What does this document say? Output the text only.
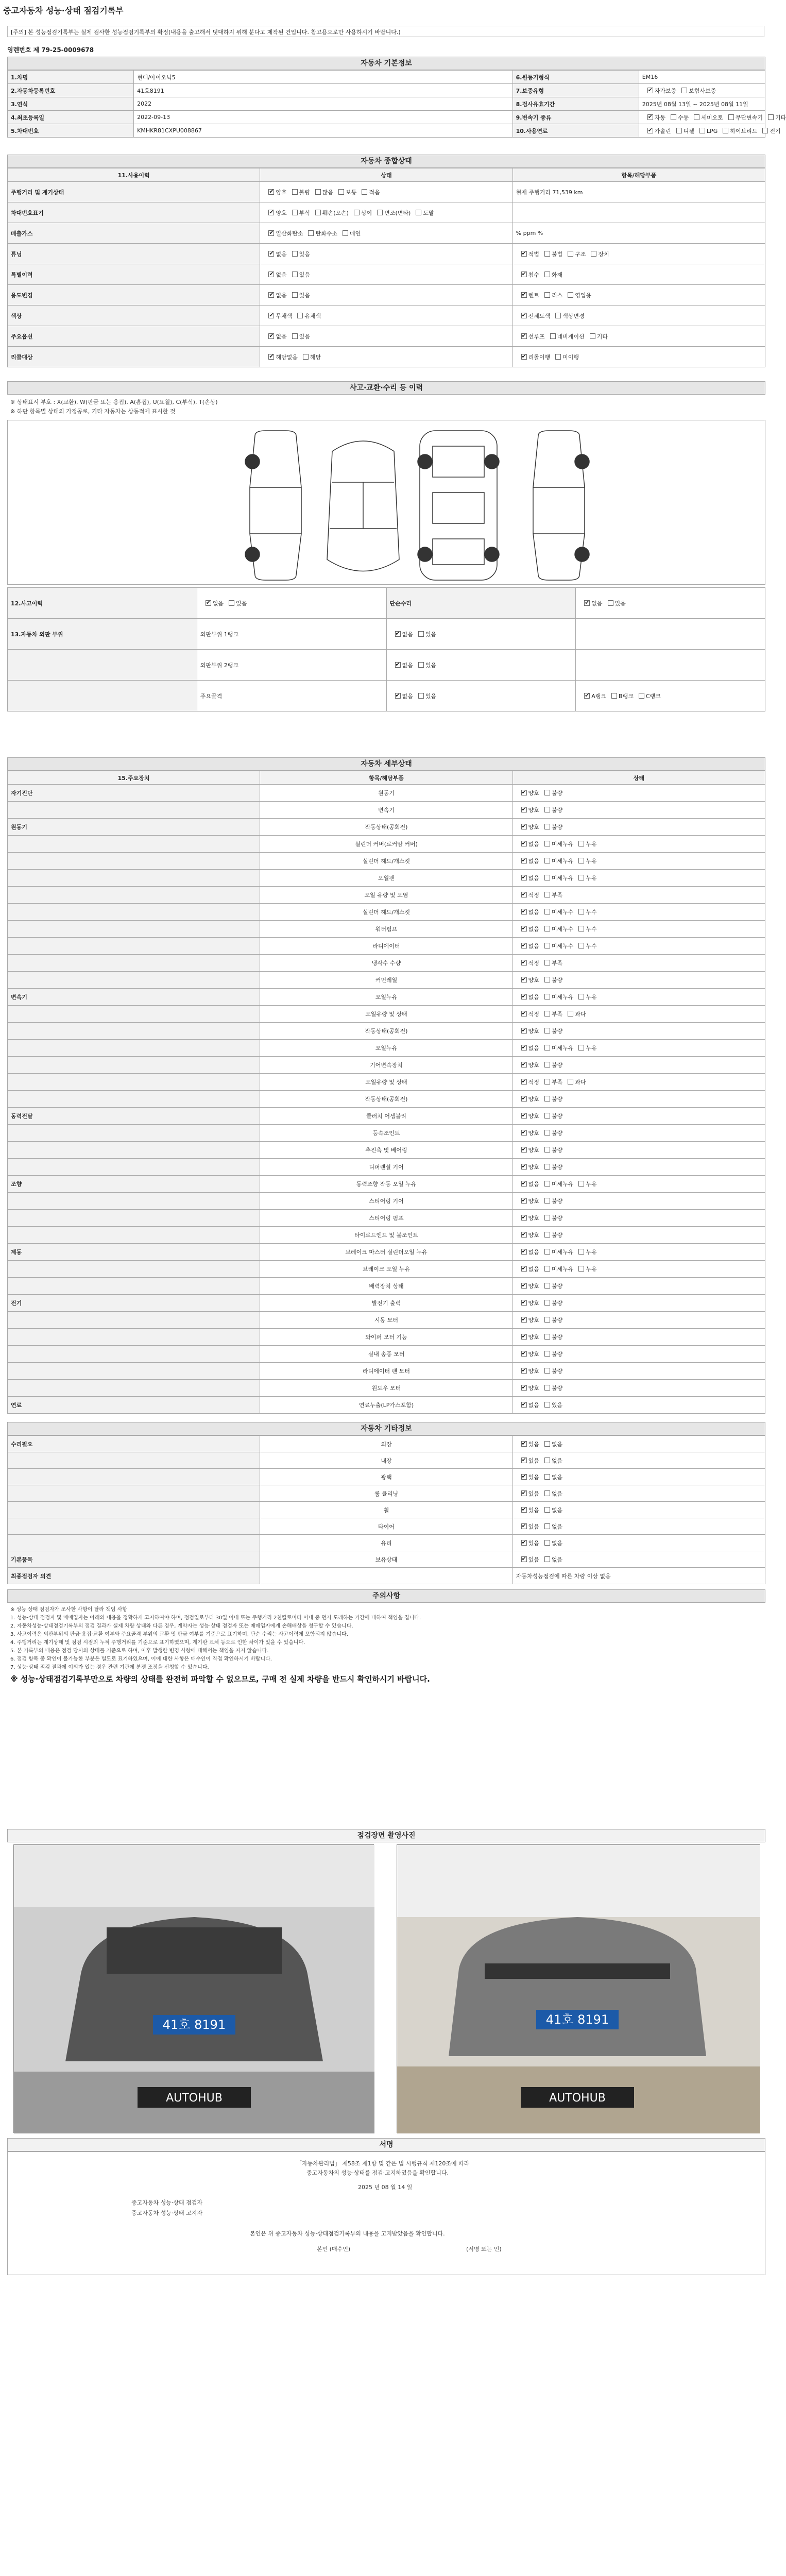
중고자동차 성능·상태 점검기록부
[주의] 본 성능점검기록부는 실제 검사한 성능점검기록부의 확정(내용을 출고해서 덧대하지 위해 분다고 제작된 건입니다. 참고용으로만 사용하시기 바랍니다.)
영렌번호 제 79-25-0009678
자동차 기본정보
1.차명	현대/아이오닉5	6.원동기형식	EM16
2.자동차등록번호	41호8191	7.보증유형	✔자가보증 보험사보증
3.연식	2022	8.검사유효기간	2025년 08월 13일 ~ 2025년 08월 11일
4.최초등록일	2022-09-13	9.변속기 종류	✔자동 수동 세미오토 무단변속기 기타
5.차대번호	KMHKR81CXPU008867	10.사용연료	✔가솔린 디젤 LPG 하이브리드 전기
자동차 종합상태
11.사용이력	상태	항목/해당부품
주행거리 및 계기상태	✔양호 불량 많음 보통 적음	현재 주행거리 71,539 km
차대번호표기	✔양호 부식 훼손(오손) 상이 변조(변타) 도말	
배출가스	✔일산화탄소 탄화수소 매연	% ppm %
튜닝	✔없음 있음	✔적법 불법 구조 장치
특별이력	✔없음 있음	✔침수 화재
용도변경	✔없음 있음	✔렌트 리스 영업용
색상	✔무채색 유채색	✔전체도색 색상변경
주요옵션	✔없음 있음	✔선루프 네비게이션 기타
리콜대상	✔해당없음 해당	✔리콜이행 미이행
사고·교환·수리 등 이력
※ 상태표시 부호 : X(교환), W(판금 또는 용접), A(흠집), U(요철), C(부식), T(손상)
※ 하단 항목별 상태의 가정공로, 기타 자동차는 상동적에 표시한 것
12.사고이력	✔없음 있음	단순수리	✔없음 있음
13.자동차 외판 부위	외판부위 1랭크	✔없음 있음	
	외판부위 2랭크	✔없음 있음	
	주요골격	✔없음 있음	✔A랭크 B랭크 C랭크
자동차 세부상태
15.주요장치	항목/해당부품	상태
자기진단	원동기	✔양호 불량
	변속기	✔양호 불량
원동기	작동상태(공회전)	✔양호 불량
	실린더 커버(로커암 커버)	✔없음 미세누유 누유
	실린더 헤드/개스킷	✔없음 미세누유 누유
	오일팬	✔없음 미세누유 누유
	오일 유량 및 오염	✔적정 부족
	실린더 헤드/개스킷	✔없음 미세누수 누수
	워터펌프	✔없음 미세누수 누수
	라디에이터	✔없음 미세누수 누수
	냉각수 수량	✔적정 부족
	커먼레일	✔양호 불량
변속기	오일누유	✔없음 미세누유 누유
	오일유량 및 상태	✔적정 부족 과다
	작동상태(공회전)	✔양호 불량
	오일누유	✔없음 미세누유 누유
	기어변속장치	✔양호 불량
	오일유량 및 상태	✔적정 부족 과다
	작동상태(공회전)	✔양호 불량
동력전달	클러치 어셈블리	✔양호 불량
	등속조인트	✔양호 불량
	추진축 및 베어링	✔양호 불량
	디퍼렌셜 기어	✔양호 불량
조향	동력조향 작동 오일 누유	✔없음 미세누유 누유
	스티어링 기어	✔양호 불량
	스티어링 펌프	✔양호 불량
	타이로드엔드 및 볼조인트	✔양호 불량
제동	브레이크 마스터 실린더오일 누유	✔없음 미세누유 누유
	브레이크 오일 누유	✔없음 미세누유 누유
	배력장치 상태	✔양호 불량
전기	발전기 출력	✔양호 불량
	시동 모터	✔양호 불량
	와이퍼 모터 기능	✔양호 불량
	실내 송풍 모터	✔양호 불량
	라디에이터 팬 모터	✔양호 불량
	윈도우 모터	✔양호 불량
연료	연료누출(LP가스포함)	✔없음 있음
자동차 기타정보
수리필요	외장	✔있음 없음
	내장	✔있음 없음
	광택	✔있음 없음
	룸 클리닝	✔있음 없음
	휠	✔있음 없음
	타이어	✔있음 없음
	유리	✔있음 없음
기본품목	보유상태	✔있음 없음
최종점검자 의견		자동차성능점검에 따른 차량 이상 없음
주의사항

※ 성능·상태 점검자가 조사한 사항이 달라 책임 사항

1. 성능·상태 점검자 및 매매업자는 아래의 내용을 정확하게 고지하여야 하며, 점검일로부터 30일 이내 또는 주행거리 2천킬로미터 이내 중 먼저 도래하는 기간에 대하여 책임을 집니다.

2. 자동차성능·상태점검기록부의 점검 결과가 실제 차량 상태와 다른 경우, 계약자는 성능·상태 점검자 또는 매매업자에게 손해배상을 청구할 수 있습니다.

3. 사고이력은 외판부위의 판금·용접·교환 여부와 주요골격 부위의 교환 및 판금 여부를 기준으로 표기하며, 단순 수리는 사고이력에 포함되지 않습니다.

4. 주행거리는 계기상태 및 점검 시점의 누적 주행거리를 기준으로 표기하였으며, 계기판 교체 등으로 인한 차이가 있을 수 있습니다.

5. 본 기록부의 내용은 점검 당시의 상태를 기준으로 하며, 이후 발생한 변경 사항에 대해서는 책임을 지지 않습니다.

6. 점검 항목 중 확인이 불가능한 부분은 별도로 표기하였으며, 이에 대한 사항은 매수인이 직접 확인하시기 바랍니다.

7. 성능·상태 점검 결과에 이의가 있는 경우 관련 기관에 분쟁 조정을 신청할 수 있습니다.

※ 성능·상태점검기록부만으로 차량의 상태를 완전히 파악할 수 없으므로, 구매 전 실제 차량을 반드시 확인하시기 바랍니다.

점검장면 촬영사진
41호 8191
AUTOHUB
41호 8191
AUTOHUB
서명
「자동차관리법」 제58조 제1항 및 같은 법 시행규칙 제120조에 따라
중고자동차의 성능·상태를 점검·고지하였음을 확인합니다.
2025 년 08 월 14 일
중고자동차 성능·상태 점검자
중고자동차 성능·상태 고지자
본인은 위 중고자동차 성능·상태점검기록부의 내용을 고지받았음을 확인합니다.
본인 (매수인)	(서명 또는 인)
